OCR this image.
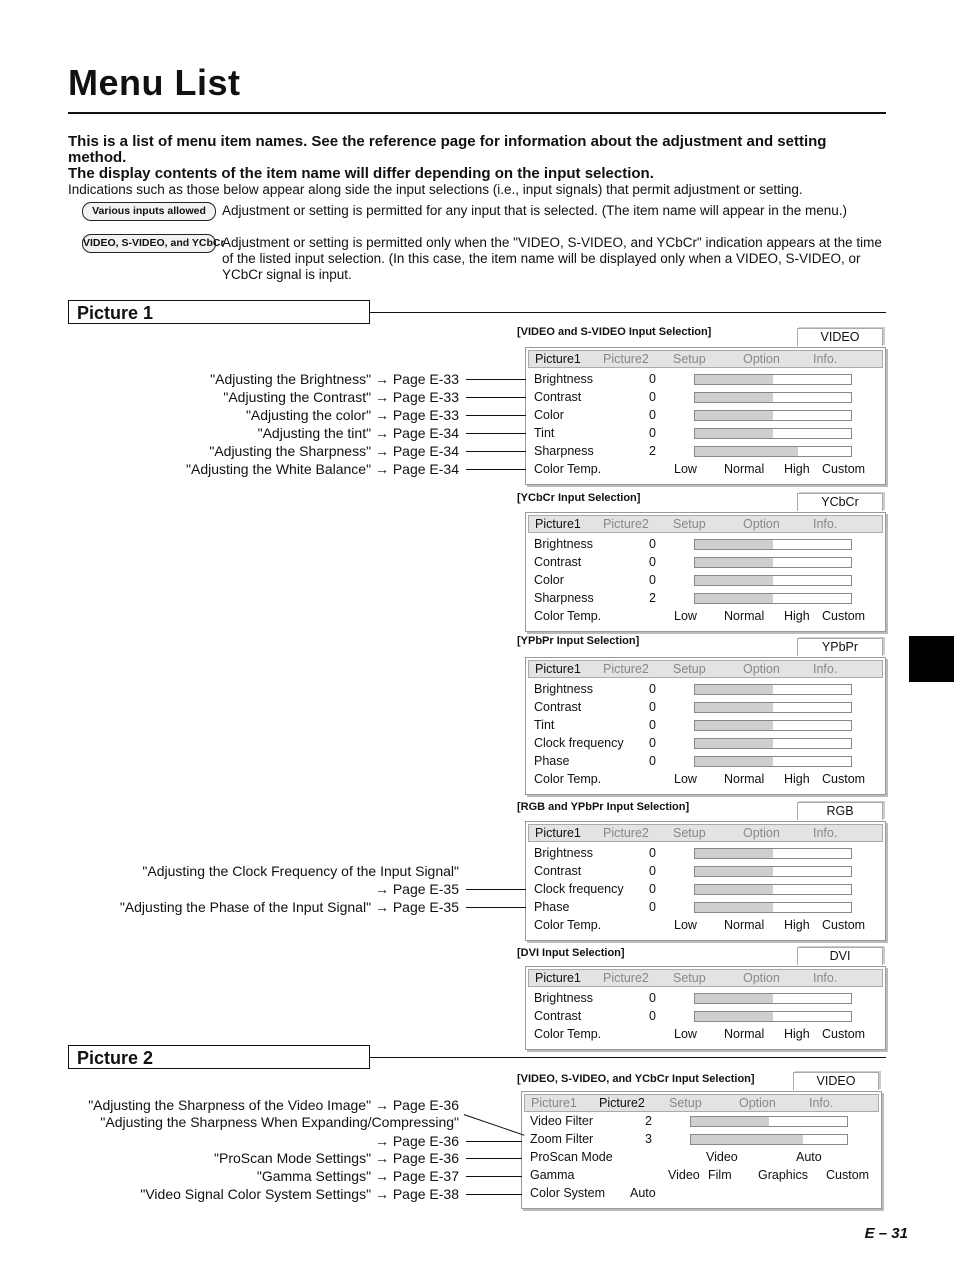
Menu List
This is a list of menu item names. See the reference page for information about the adjustment and setting method.
The display contents of the item name will differ depending on the input selection.
Indications such as those below appear along side the input selections (i.e., input signals) that permit adjustment or setting.
Various inputs allowed	Adjustment or setting is permitted for any input that is selected. (The item name will appear in the menu.)
VIDEO, S-VIDEO, and YCbCr
Adjustment or setting is permitted only when the "VIDEO, S-VIDEO, and YCbCr" indication appears at the time of the listed input selection. (In this case, the item name will be displayed only when a VIDEO, S-VIDEO, or YCbCr signal is input.
Picture 1
Picture 2
[VIDEO and S-VIDEO Input Selection]	VIDEO
Picture1 Picture2 Setup	Option	Info.
Brightness	0
Contrast	0
Color	0
Tint	0
Sharpness	2
Color Temp.	Low Normal High Custom
[YCbCr Input Selection]	YCbCr
Picture1 Picture2 Setup	Option	Info.
Brightness	0
Contrast	0
Color	0
Sharpness	2
Color Temp.	Low Normal High Custom
[YPbPr Input Selection]	YPbPr
Picture1 Picture2 Setup	Option	Info.
Brightness	0
Contrast	0
Tint	0
Clock frequency 0
Phase	0
Color Temp.	Low Normal High Custom
[RGB and YPbPr Input Selection]	RGB
Picture1 Picture2 Setup	Option	Info.
Brightness	0
Contrast	0
Clock frequency 0
Phase	0
Color Temp.	Low Normal High Custom
[DVI Input Selection]	DVI
Picture1 Picture2 Setup	Option	Info.
Brightness	0
Contrast	0
Color Temp.	Low Normal High Custom
[VIDEO, S-VIDEO, and YCbCr Input Selection]	VIDEO
Picture1 Picture2 Setup	Option	Info.
Video Filter	2
Zoom Filter	3
ProScan Mode	Video	Auto
Gamma	Video Film Graphics Custom
Color System Auto
"Adjusting the Brightness" → Page E-33
"Adjusting the Contrast" → Page E-33
"Adjusting the color" → Page E-33
"Adjusting the tint" → Page E-34
"Adjusting the Sharpness" → Page E-34
"Adjusting the White Balance" → Page E-34
"Adjusting the Clock Frequency of the Input Signal"
→ Page E-35
"Adjusting the Phase of the Input Signal" → Page E-35
"Adjusting the Sharpness of the Video Image" → Page E-36
"Adjusting the Sharpness When Expanding/Compressing"
→ Page E-36
"ProScan Mode Settings" → Page E-36
"Gamma Settings" → Page E-37
"Video Signal Color System Settings" → Page E-38
E – 31
